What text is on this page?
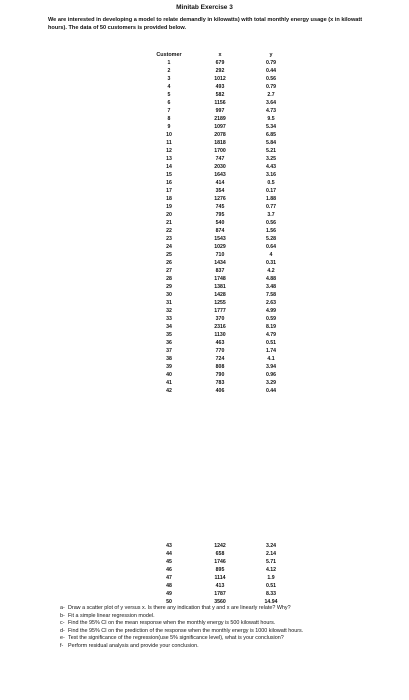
Minitab Exercise 3
We are interested in developing a model to relate demandly in kilowatts) with total monthly energy usage (x in kilowatt hours). The data of 50 customers is provided below.
Customer	x	y
1	679	0.79
2	292	0.44
3	1012	0.56
4	493	0.79
5	582	2.7
6	1156	3.64
7	997	4.73
8	2189	9.5
9	1097	5.34
10	2078	6.85
11	1818	5.84
12	1700	5.21
13	747	3.25
14	2030	4.43
15	1643	3.16
16	414	0.5
17	354	0.17
18	1276	1.88
19	745	0.77
20	795	3.7
21	540	0.56
22	874	1.56
23	1543	5.28
24	1029	0.64
25	710	4
26	1434	0.31
27	837	4.2
28	1748	4.88
29	1381	3.48
30	1428	7.58
31	1255	2.63
32	1777	4.99
33	370	0.59
34	2316	8.19
35	1130	4.79
36	463	0.51
37	770	1.74
38	724	4.1
39	808	3.94
40	790	0.96
41	783	3.29
42	406	0.44
43	1242	3.24
44	658	2.14
45	1746	5.71
46	895	4.12
47	1114	1.9
48	413	0.51
49	1787	8.33
50	3560	14.94
a- Draw a scatter plot of y versus x. Is there any indication that y and x are linearly relate? Why?
b- Fit a simple linear regression model.
c- Find the 95% CI on the mean response when the monthly energy is 500 kilowatt hours.
d- Find the 95% CI on the prediction of the response when the monthly energy is 1000 kilowatt hours.
e- Test the significance of the regression(use 5% significance level), what is your conclusion?
f- Perform residual analysis and provide your conclusion.
